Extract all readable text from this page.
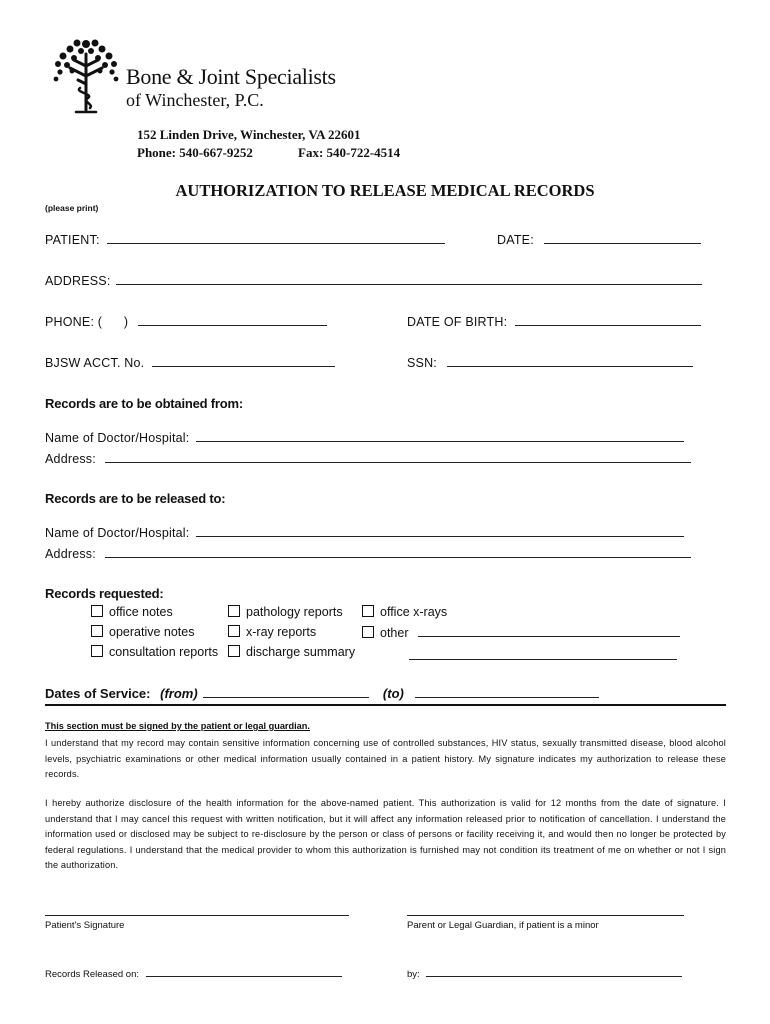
Bone & Joint Specialists
of Winchester, P.C.
152 Linden Drive, Winchester, VA 22601
Phone: 540-667-9252	Fax: 540-722-4514
AUTHORIZATION TO RELEASE MEDICAL RECORDS
(please print)
PATIENT:	DATE:
ADDRESS:
PHONE: ( )	DATE OF BIRTH:
BJSW ACCT. No.	SSN:
Records are to be obtained from:
Name of Doctor/Hospital:
Address:
Records are to be released to:
Name of Doctor/Hospital:
Address:
Records requested:
office notes	pathology reports	office x-rays
operative notes	x-ray reports	other
consultation reports	discharge summary
Dates of Service: (from)	(to)
This section must be signed by the patient or legal guardian.
I understand that my record may contain sensitive information concerning use of controlled substances, HIV status, sexually transmitted disease, blood alcohol levels, psychiatric examinations or other medical information usually contained in a patient history. My signature indicates my authorization to release these records.
I hereby authorize disclosure of the health information for the above-named patient. This authorization is valid for 12 months from the date of signature. I understand that I may cancel this request with written notification, but it will affect any information released prior to notification of cancellation. I understand the information used or disclosed may be subject to re-disclosure by the person or class of persons or facility receiving it, and would then no longer be protected by federal regulations. I understand that the medical provider to whom this authorization is furnished may not condition its treatment of me on whether or not I sign the authorization.
Patient's Signature	Parent or Legal Guardian, if patient is a minor
Records Released on:	by:
